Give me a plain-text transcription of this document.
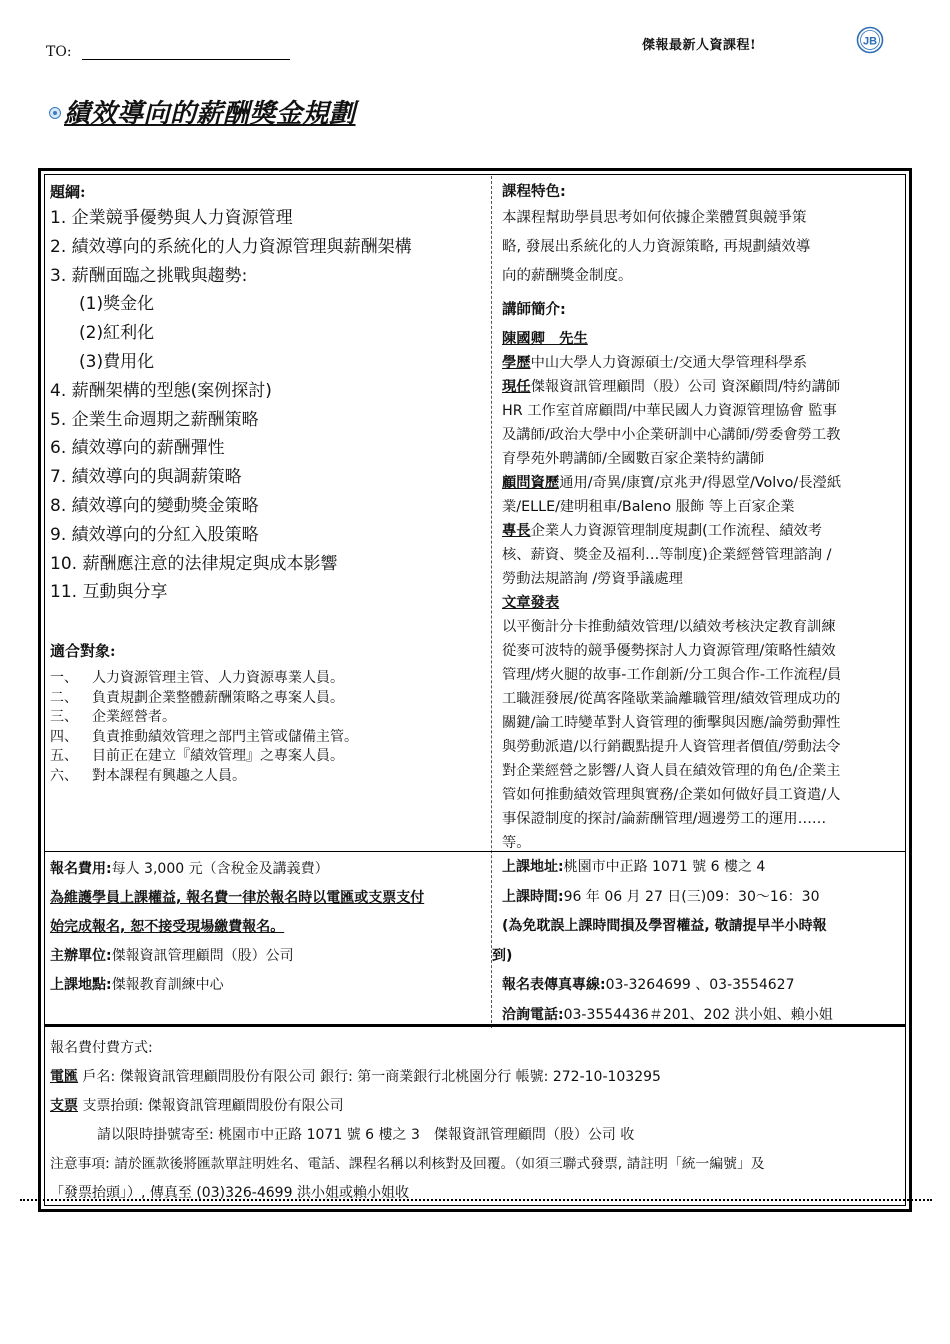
TO:	傑報最新人資課程!	JB
績效導向的薪酬獎金規劃
題綱:
1. 企業競爭優勢與人力資源管理
2. 績效導向的系統化的人力資源管理與薪酬架構
3. 薪酬面臨之挑戰與趨勢:
(1)獎金化
(2)紅利化
(3)費用化
4. 薪酬架構的型態(案例探討)
5. 企業生命週期之薪酬策略
6. 績效導向的薪酬彈性
7. 績效導向的與調薪策略
8. 績效導向的變動獎金策略
9. 績效導向的分紅入股策略
10. 薪酬應注意的法律規定與成本影響
11. 互動與分享
適合對象:
一、 人力資源管理主管、人力資源專業人員。
二、 負責規劃企業整體薪酬策略之專案人員。
三、 企業經營者。
四、 負責推動績效管理之部門主管或儲備主管。
五、 目前正在建立『績效管理』之專案人員。
六、 對本課程有興趣之人員。
課程特色:
本課程幫助學員思考如何依據企業體質與競爭策
略, 發展出系統化的人力資源策略, 再規劃績效導
向的薪酬獎金制度。
講師簡介:
陳國卿　先生
學歷中山大學人力資源碩士/交通大學管理科學系
現任傑報資訊管理顧問（股）公司 資深顧問/特約講師
HR 工作室首席顧問/中華民國人力資源管理協會 監事
及講師/政治大學中小企業研訓中心講師/勞委會勞工教
育學苑外聘講師/全國數百家企業特約講師
顧問資歷通用/奇異/康寶/京兆尹/得恩堂/Volvo/長瀅紙
業/ELLE/建明租車/Baleno 服飾 等上百家企業
專長企業人力資源管理制度規劃(工作流程、績效考
核、薪資、獎金及福利…等制度)企業經營管理諮詢 /
勞動法規諮詢 /勞資爭議處理
文章發表
以平衡計分卡推動績效管理/以績效考核決定教育訓練
從麥可波特的競爭優勢探討人力資源管理/策略性績效
管理/烤火腿的故事-工作創新/分工與合作-工作流程/員
工職涯發展/從萬客隆歇業論離職管理/績效管理成功的
關鍵/論工時變革對人資管理的衝擊與因應/論勞動彈性
與勞動派遣/以行銷觀點提升人資管理者價值/勞動法令
對企業經營之影響/人資人員在績效管理的角色/企業主
管如何推動績效管理與實務/企業如何做好員工資遣/人
事保證制度的探討/論薪酬管理/週邊勞工的運用……
等。
報名費用:每人 3,000 元（含稅金及講義費）
為維護學員上課權益, 報名費一律於報名時以電匯或支票支付
始完成報名, 恕不接受現場繳費報名。
主辦單位:傑報資訊管理顧問（股）公司
上課地點:傑報教育訓練中心
上課地址:桃園市中正路 1071 號 6 樓之 4
上課時間:96 年 06 月 27 日(三)09：30～16：30
(為免耽誤上課時間損及學習權益, 敬請提早半小時報
到)
報名表傳真專線:03-3264699 、03-3554627
洽詢電話:03-3554436＃201、202 洪小姐、賴小姐
報名費付費方式:
電匯 戶名: 傑報資訊管理顧問股份有限公司 銀行: 第一商業銀行北桃園分行 帳號: 272-10-103295
支票 支票抬頭: 傑報資訊管理顧問股份有限公司
請以限時掛號寄至: 桃園市中正路 1071 號 6 樓之 3　傑報資訊管理顧問（股）公司 收
注意事項: 請於匯款後將匯款單註明姓名、電話、課程名稱以利核對及回覆。（如須三聯式發票, 請註明「統一編號」及
「發票抬頭」）, 傳真至 (03)326-4699 洪小姐或賴小姐收
